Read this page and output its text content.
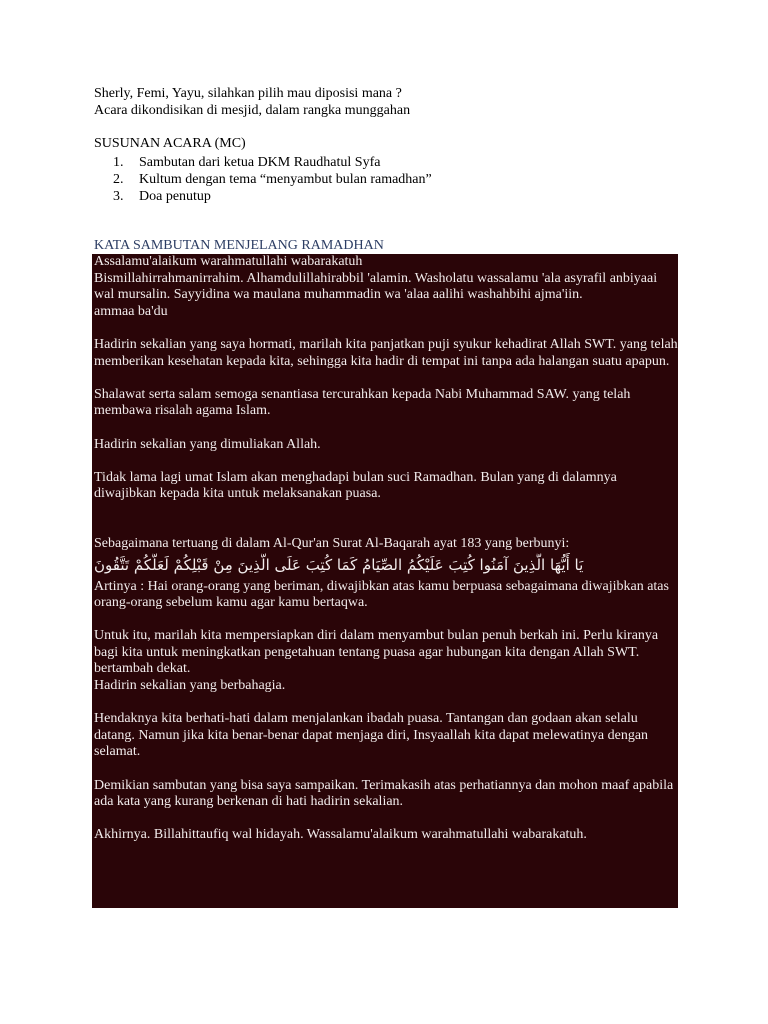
Sherly, Femi, Yayu, silahkan pilih mau diposisi mana ?
Acara dikondisikan di mesjid, dalam rangka munggahan
SUSUNAN ACARA (MC)
1.	Sambutan dari ketua DKM Raudhatul Syfa
2.	Kultum dengan tema “menyambut bulan ramadhan”
3.	Doa penutup
KATA SAMBUTAN MENJELANG RAMADHAN

Assalamu'alaikum warahmatullahi wabarakatuh

Bismillahirrahmanirrahim. Alhamdulillahirabbil 'alamin. Washolatu wassalamu 'ala asyrafil anbiyaai wal mursalin. Sayyidina wa maulana muhammadin wa 'alaa aalihi washahbihi ajma'iin.

ammaa ba'du

Hadirin sekalian yang saya hormati, marilah kita panjatkan puji syukur kehadirat Allah SWT. yang telah memberikan kesehatan kepada kita, sehingga kita hadir di tempat ini tanpa ada halangan suatu apapun.

Shalawat serta salam semoga senantiasa tercurahkan kepada Nabi Muhammad SAW. yang telah membawa risalah agama Islam.

Hadirin sekalian yang dimuliakan Allah.

Tidak lama lagi umat Islam akan menghadapi bulan suci Ramadhan. Bulan yang di dalamnya diwajibkan kepada kita untuk melaksanakan puasa.

Sebagaimana tertuang di dalam Al-Qur'an Surat Al-Baqarah ayat 183 yang berbunyi:

يَا أَيُّهَا الَّذِينَ آمَنُوا كُتِبَ عَلَيْكُمُ الصِّيَامُ كَمَا كُتِبَ عَلَى الَّذِينَ مِنْ قَبْلِكُمْ لَعَلَّكُمْ تَتَّقُونَ

Artinya : Hai orang-orang yang beriman, diwajibkan atas kamu berpuasa sebagaimana diwajibkan atas orang-orang sebelum kamu agar kamu bertaqwa.

Untuk itu, marilah kita mempersiapkan diri dalam menyambut bulan penuh berkah ini. Perlu kiranya bagi kita untuk meningkatkan pengetahuan tentang puasa agar hubungan kita dengan Allah SWT. bertambah dekat.

Hadirin sekalian yang berbahagia.

Hendaknya kita berhati-hati dalam menjalankan ibadah puasa. Tantangan dan godaan akan selalu datang. Namun jika kita benar-benar dapat menjaga diri, Insyaallah kita dapat melewatinya dengan selamat.

Demikian sambutan yang bisa saya sampaikan. Terimakasih atas perhatiannya dan mohon maaf apabila ada kata yang kurang berkenan di hati hadirin sekalian.

Akhirnya. Billahittaufiq wal hidayah. Wassalamu'alaikum warahmatullahi wabarakatuh.
